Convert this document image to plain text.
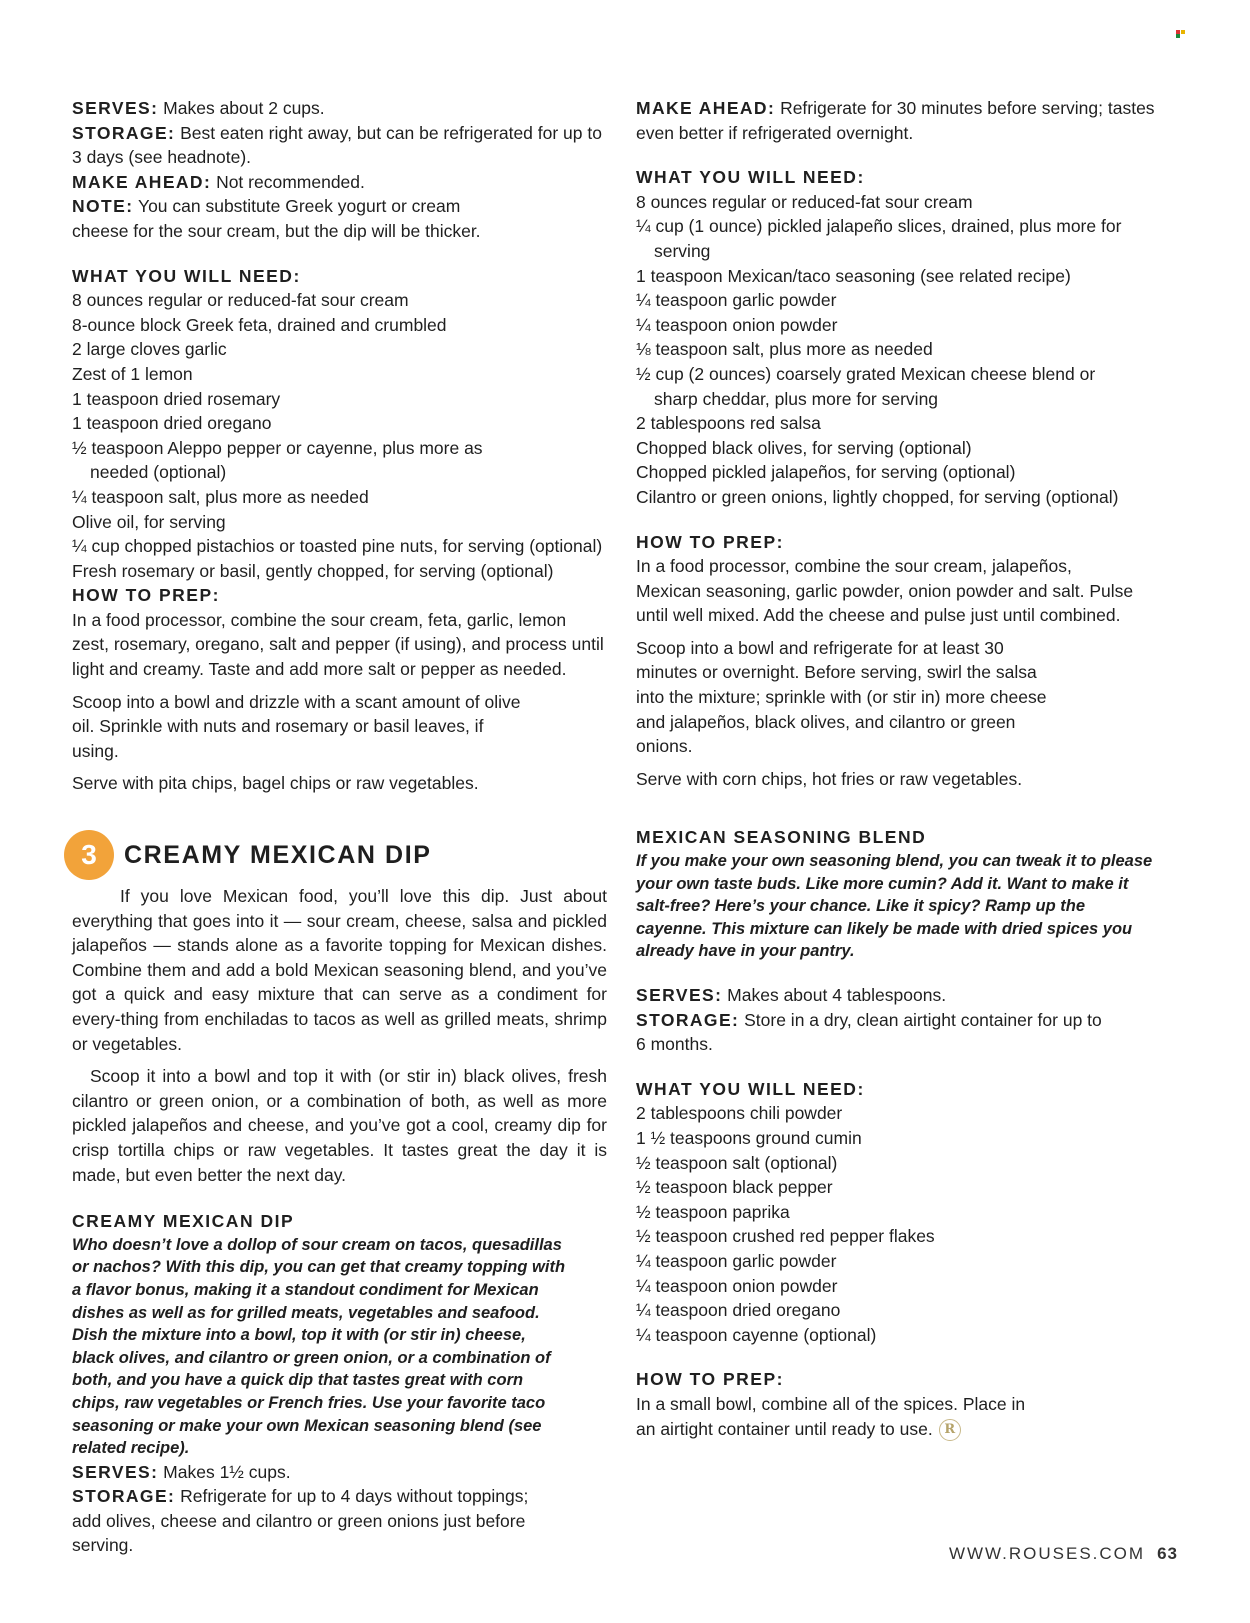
SERVES: Makes about 2 cups.

STORAGE: Best eaten right away, but can be refrigerated for up to 3 days (see headnote).

MAKE AHEAD: Not recommended.

NOTE: You can substitute Greek yogurt or cream cheese for the sour cream, but the dip will be thicker.

WHAT YOU WILL NEED:

8 ounces regular or reduced-fat sour cream
8-ounce block Greek feta, drained and crumbled
2 large cloves garlic
Zest of 1 lemon
1 teaspoon dried rosemary
1 teaspoon dried oregano
½ teaspoon Aleppo pepper or cayenne, plus more as needed (optional)
¼ teaspoon salt, plus more as needed
Olive oil, for serving
¼ cup chopped pistachios or toasted pine nuts, for serving (optional)
Fresh rosemary or basil, gently chopped, for serving (optional)

HOW TO PREP:

In a food processor, combine the sour cream, feta, garlic, lemon zest, rosemary, oregano, salt and pepper (if using), and process until light and creamy. Taste and add more salt or pepper as needed.

Scoop into a bowl and drizzle with a scant amount of olive oil. Sprinkle with nuts and rosemary or basil leaves, if using.

Serve with pita chips, bagel chips or raw vegetables.

3	CREAMY MEXICAN DIP

If you love Mexican food, you’ll love this dip. Just about everything that goes into it — sour cream, cheese, salsa and pickled jalapeños — stands alone as a favorite topping for Mexican dishes. Combine them and add a bold Mexican seasoning blend, and you’ve got a quick and easy mixture that can serve as a condiment for every-thing from enchiladas to tacos as well as grilled meats, shrimp or vegetables.

Scoop it into a bowl and top it with (or stir in) black olives, fresh cilantro or green onion, or a combination of both, as well as more pickled jalapeños and cheese, and you’ve got a cool, creamy dip for crisp tortilla chips or raw vegetables. It tastes great the day it is made, but even better the next day.

CREAMY MEXICAN DIP

Who doesn’t love a dollop of sour cream on tacos, quesadillas or nachos? With this dip, you can get that creamy topping with a flavor bonus, making it a standout condiment for Mexican dishes as well as for grilled meats, vegetables and seafood. Dish the mixture into a bowl, top it with (or stir in) cheese, black olives, and cilantro or green onion, or a combination of both, and you have a quick dip that tastes great with corn chips, raw vegetables or French fries. Use your favorite taco seasoning or make your own Mexican seasoning blend (see related recipe).

SERVES: Makes 1½ cups.

STORAGE: Refrigerate for up to 4 days without toppings; add olives, cheese and cilantro or green onions just before serving.

MAKE AHEAD: Refrigerate for 30 minutes before serving; tastes even better if refrigerated overnight.

WHAT YOU WILL NEED:

8 ounces regular or reduced-fat sour cream
¼ cup (1 ounce) pickled jalapeño slices, drained, plus more for serving
1 teaspoon Mexican/taco seasoning (see related recipe)
¼ teaspoon garlic powder
¼ teaspoon onion powder
⅛ teaspoon salt, plus more as needed
½ cup (2 ounces) coarsely grated Mexican cheese blend or sharp cheddar, plus more for serving
2 tablespoons red salsa
Chopped black olives, for serving (optional)
Chopped pickled jalapeños, for serving (optional)
Cilantro or green onions, lightly chopped, for serving (optional)

HOW TO PREP:

In a food processor, combine the sour cream, jalapeños, Mexican seasoning, garlic powder, onion powder and salt. Pulse until well mixed. Add the cheese and pulse just until combined.

Scoop into a bowl and refrigerate for at least 30 minutes or overnight. Before serving, swirl the salsa into the mixture; sprinkle with (or stir in) more cheese and jalapeños, black olives, and cilantro or green onions.

Serve with corn chips, hot fries or raw vegetables.

MEXICAN SEASONING BLEND

If you make your own seasoning blend, you can tweak it to please your own taste buds. Like more cumin? Add it. Want to make it salt-free? Here’s your chance. Like it spicy? Ramp up the cayenne. This mixture can likely be made with dried spices you already have in your pantry.

SERVES: Makes about 4 tablespoons.

STORAGE: Store in a dry, clean airtight container for up to 6 months.

WHAT YOU WILL NEED:

2 tablespoons chili powder
1 ½ teaspoons ground cumin
½ teaspoon salt (optional)
½ teaspoon black pepper
½ teaspoon paprika
½ teaspoon crushed red pepper flakes
¼ teaspoon garlic powder
¼ teaspoon onion powder
¼ teaspoon dried oregano
¼ teaspoon cayenne (optional)

HOW TO PREP:

In a small bowl, combine all of the spices. Place in an airtight container until ready to use. R

WWW.ROUSES.COM 63
